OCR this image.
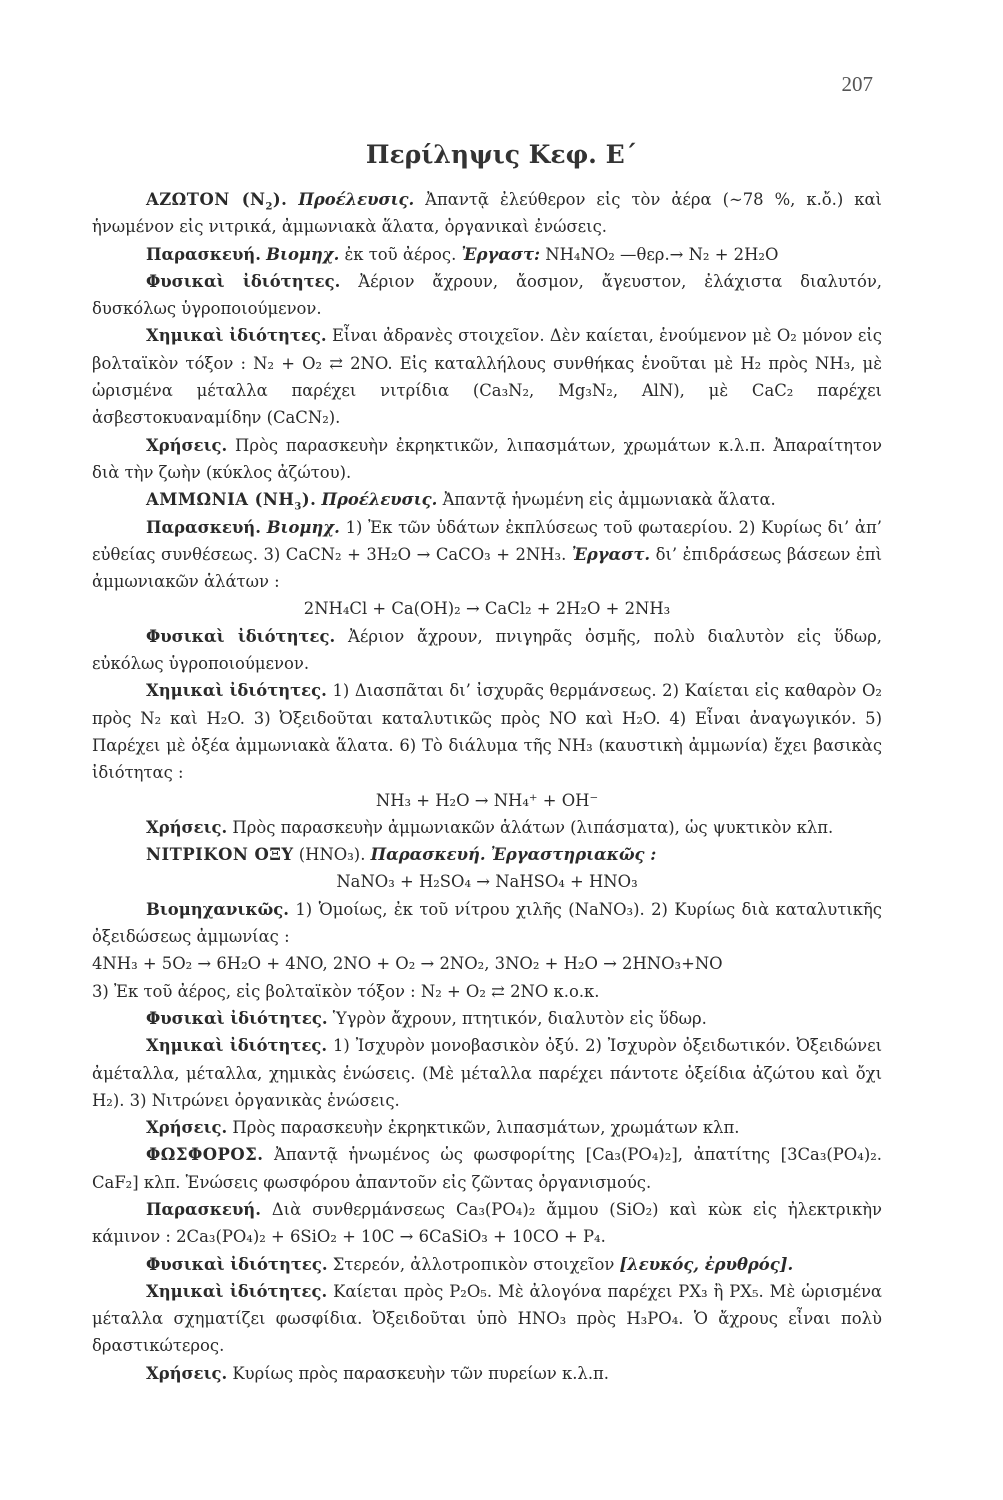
207
Περίληψις Κεφ. Ε΄

ΑΖΩΤΟΝ $(N_2)$. Προέλευσις. Ἀπαντᾷ ἐλεύθερον εἰς τὸν ἀέρα (∼78 %, κ.ὄ.) καὶ ἡνωμένον εἰς νιτρικά, ἀμμωνιακὰ ἅλατα, ὀργανικαὶ ἐνώσεις.

Παρασκευή. Βιομηχ. ἐκ τοῦ ἀέρος. Ἐργαστ: NH₄NO₂ —θερ.→ N₂ + 2H₂O

Φυσικαὶ ἰδιότητες. Ἀέριον ἄχρουν, ἄοσμον, ἄγευστον, ἐλάχιστα διαλυτόν, δυσκόλως ὑγροποιούμενον.

Χημικαὶ ἰδιότητες. Εἶναι ἀδρανὲς στοιχεῖον. Δὲν καίεται, ἑνούμενον μὲ O₂ μόνον εἰς βολταϊκὸν τόξον : N₂ + O₂ ⇄ 2NO. Εἰς καταλλήλους συνθήκας ἑνοῦται μὲ H₂ πρὸς NH₃, μὲ ὡρισμένα μέταλλα παρέχει νιτρίδια (Ca₃N₂, Mg₃N₂, AlN), μὲ CaC₂ παρέχει ἀσβεστοκυαναμίδην (CaCN₂).

Χρήσεις. Πρὸς παρασκευὴν ἐκρηκτικῶν, λιπασμάτων, χρωμάτων κ.λ.π. Ἀπαραίτητον διὰ τὴν ζωὴν (κύκλος ἀζώτου).

ΑΜΜΩΝΙΑ $(NH_3)$. Προέλευσις. Ἀπαντᾷ ἡνωμένη εἰς ἀμμωνιακὰ ἅλατα.

Παρασκευή. Βιομηχ. 1) Ἐκ τῶν ὑδάτων ἐκπλύσεως τοῦ φωταερίου. 2) Κυρίως δι’ ἀπ’ εὐθείας συνθέσεως. 3) CaCN₂ + 3H₂O → CaCO₃ + 2NH₃. Ἐργαστ. δι’ ἐπιδράσεως βάσεων ἐπὶ ἀμμωνιακῶν ἁλάτων :

2NH₄Cl + Ca(OH)₂ → CaCl₂ + 2H₂O + 2NH₃

Φυσικαὶ ἰδιότητες. Ἀέριον ἄχρουν, πνιγηρᾶς ὀσμῆς, πολὺ διαλυτὸν εἰς ὕδωρ, εὐκόλως ὑγροποιούμενον.

Χημικαὶ ἰδιότητες. 1) Διασπᾶται δι’ ἰσχυρᾶς θερμάνσεως. 2) Καίεται εἰς καθαρὸν O₂ πρὸς N₂ καὶ H₂O. 3) Ὀξειδοῦται καταλυτικῶς πρὸς NO καὶ H₂O. 4) Εἶναι ἀναγωγικόν. 5) Παρέχει μὲ ὀξέα ἀμμωνιακὰ ἅλατα. 6) Τὸ διάλυμα τῆς NH₃ (καυστικὴ ἀμμωνία) ἔχει βασικὰς ἰδιότητας :

NH₃ + H₂O → NH₄⁺ + OH⁻

Χρήσεις. Πρὸς παρασκευὴν ἀμμωνιακῶν ἁλάτων (λιπάσματα), ὡς ψυκτικὸν κλπ.

ΝΙΤΡΙΚΟΝ ΟΞΥ (HNO₃). Παρασκευή. Ἐργαστηριακῶς :

NaNO₃ + H₂SO₄ → NaHSO₄ + HNO₃

Βιομηχανικῶς. 1) Ὁμοίως, ἐκ τοῦ νίτρου χιλῆς (NaNO₃). 2) Κυρίως διὰ καταλυτικῆς ὀξειδώσεως ἀμμωνίας :

4NH₃ + 5O₂ → 6H₂O + 4NO, 2NO + O₂ → 2NO₂, 3NO₂ + H₂O → 2HNO₃+NO

3) Ἐκ τοῦ ἀέρος, εἰς βολταϊκὸν τόξον : N₂ + O₂ ⇄ 2NO κ.ο.κ.

Φυσικαὶ ἰδιότητες. Ὑγρὸν ἄχρουν, πτητικόν, διαλυτὸν εἰς ὕδωρ.

Χημικαὶ ἰδιότητες. 1) Ἰσχυρὸν μονοβασικὸν ὀξύ. 2) Ἰσχυρὸν ὀξειδωτικόν. Ὀξειδώνει ἀμέταλλα, μέταλλα, χημικὰς ἑνώσεις. (Μὲ μέταλλα παρέχει πάντοτε ὀξείδια ἀζώτου καὶ ὄχι H₂). 3) Νιτρώνει ὀργανικὰς ἑνώσεις.

Χρήσεις. Πρὸς παρασκευὴν ἐκρηκτικῶν, λιπασμάτων, χρωμάτων κλπ.

ΦΩΣΦΟΡΟΣ. Ἀπαντᾷ ἡνωμένος ὡς φωσφορίτης [Ca₃(PO₄)₂], ἀπατίτης [3Ca₃(PO₄)₂. CaF₂] κλπ. Ἑνώσεις φωσφόρου ἀπαντοῦν εἰς ζῶντας ὀργανισμούς.

Παρασκευή. Διὰ συνθερμάνσεως Ca₃(PO₄)₂ ἄμμου (SiO₂) καὶ κὼκ εἰς ἠλεκτρικὴν κάμινον : 2Ca₃(PO₄)₂ + 6SiO₂ + 10C → 6CaSiO₃ + 10CO + P₄.

Φυσικαὶ ἰδιότητες. Στερεόν, ἀλλοτροπικὸν στοιχεῖον [λευκός, ἐρυθρός].

Χημικαὶ ἰδιότητες. Καίεται πρὸς P₂O₅. Μὲ ἀλογόνα παρέχει PX₃ ἢ PX₅. Μὲ ὡρισμένα μέταλλα σχηματίζει φωσφίδια. Ὀξειδοῦται ὑπὸ HNO₃ πρὸς H₃PO₄. Ὁ ἄχρους εἶναι πολὺ δραστικώτερος.

Χρήσεις. Κυρίως πρὸς παρασκευὴν τῶν πυρείων κ.λ.π.
